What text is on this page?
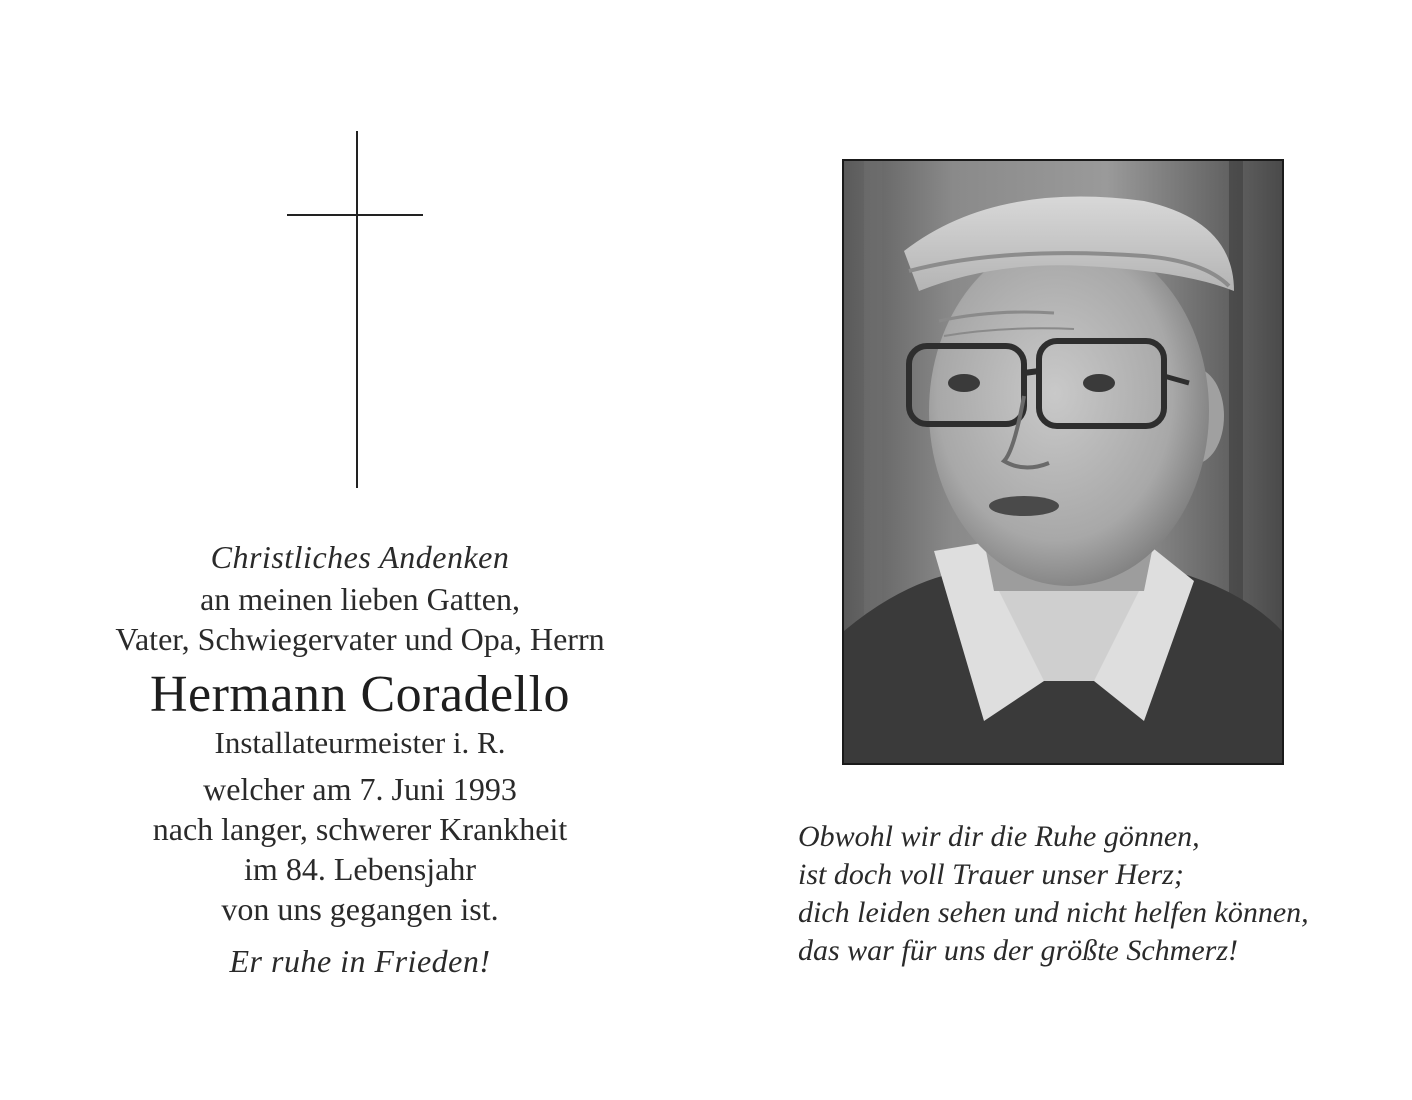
Christliches Andenken
an meinen lieben Gatten,
Vater, Schwiegervater und Opa, Herrn
Hermann Coradello
Installateurmeister i. R.
welcher am 7. Juni 1993
nach langer, schwerer Krankheit
im 84. Lebensjahr
von uns gegangen ist.
Er ruhe in Frieden!
Obwohl wir dir die Ruhe gönnen,
ist doch voll Trauer unser Herz;
dich leiden sehen und nicht helfen können,
das war für uns der größte Schmerz!
